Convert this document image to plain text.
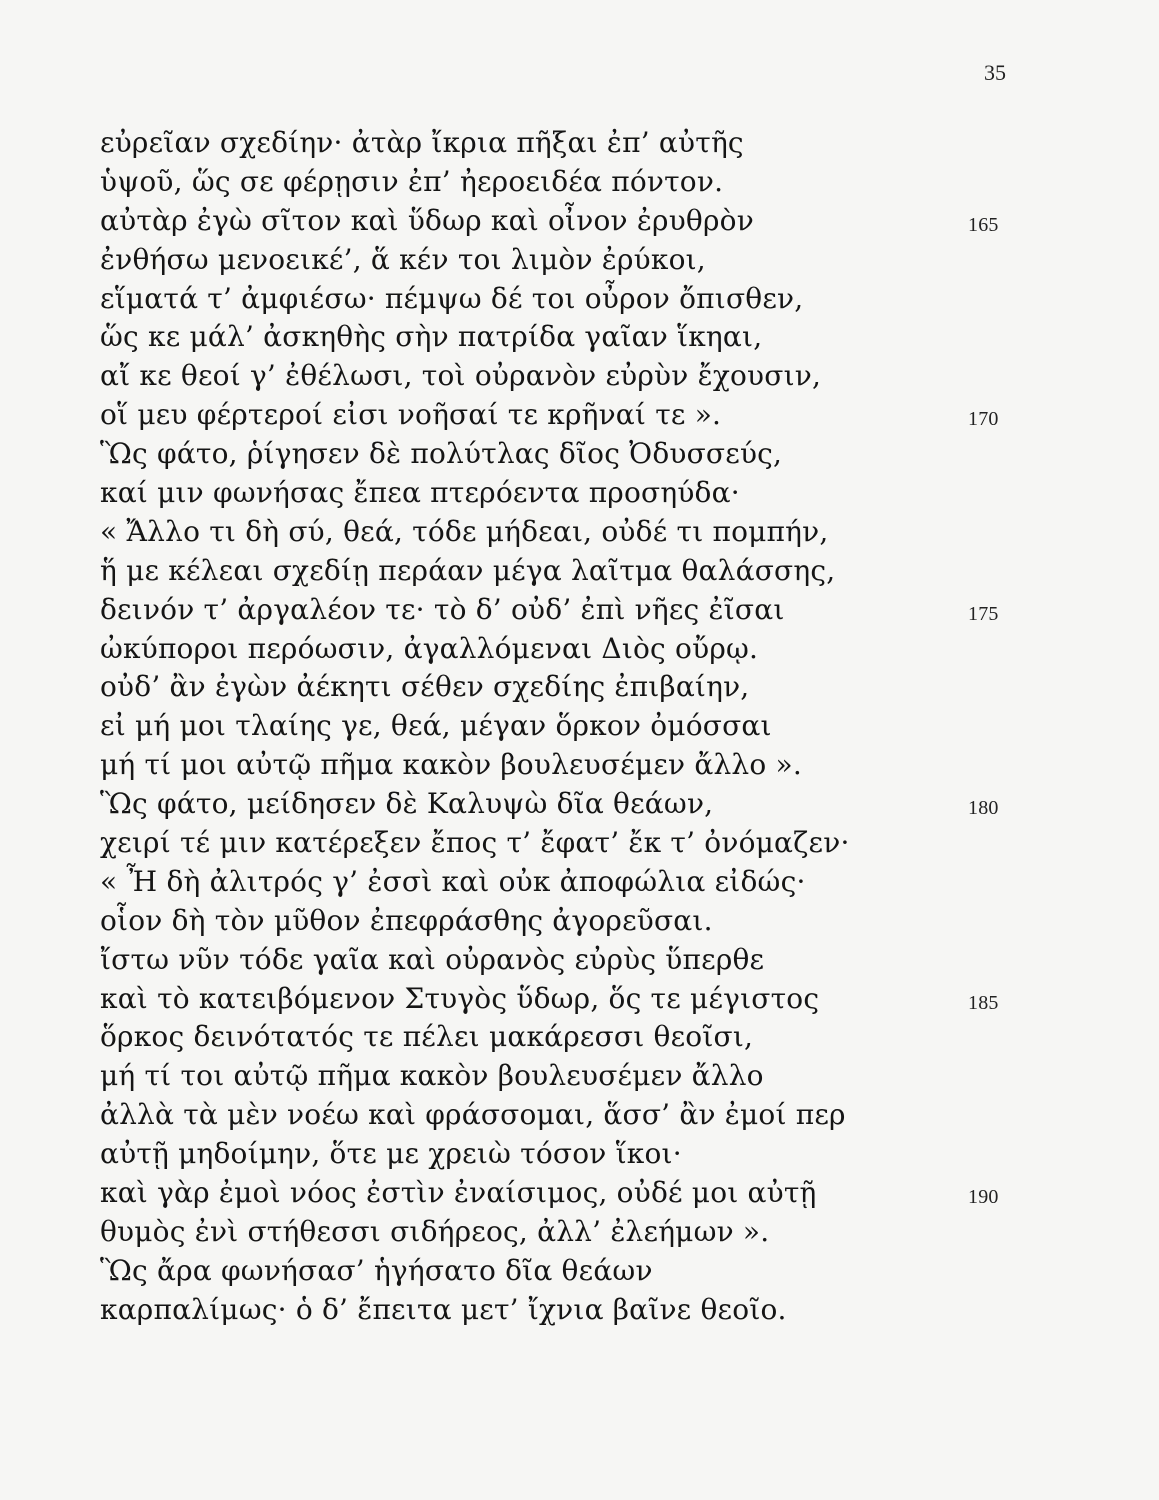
35
εὐρεῖαν σχεδίην· ἀτὰρ ἴκρια πῆξαι ἐπ’ αὐτῆς
ὑψοῦ, ὥς σε φέρῃσιν ἐπ’ ἠεροειδέα πόντον.
αὐτὰρ ἐγὼ σῖτον καὶ ὕδωρ καὶ οἶνον ἐρυθρὸν	165
ἐνθήσω μενοεικέ’, ἅ κέν τοι λιμὸν ἐρύκοι,
εἵματά τ’ ἀμφιέσω· πέμψω δέ τοι οὖρον ὄπισθεν,
ὥς κε μάλ’ ἀσκηθὴς σὴν πατρίδα γαῖαν ἵκηαι,
αἴ κε θεοί γ’ ἐθέλωσι, τοὶ οὐρανὸν εὐρὺν ἔχουσιν,
οἵ μευ φέρτεροί εἰσι νοῆσαί τε κρῆναί τε ».	170
Ὣς φάτο, ῥίγησεν δὲ πολύτλας δῖος Ὀδυσσεύς,
καί μιν φωνήσας ἔπεα πτερόεντα προσηύδα·
« Ἄλλο τι δὴ σύ, θεά, τόδε μήδεαι, οὐδέ τι πομπήν,
ἥ με κέλεαι σχεδίῃ περάαν μέγα λαῖτμα θαλάσσης,
δεινόν τ’ ἀργαλέον τε· τὸ δ’ οὐδ’ ἐπὶ νῆες ἐῖσαι	175
ὠκύποροι περόωσιν, ἀγαλλόμεναι Διὸς οὔρῳ.
οὐδ’ ἂν ἐγὼν ἀέκητι σέθεν σχεδίης ἐπιβαίην,
εἰ μή μοι τλαίης γε, θεά, μέγαν ὅρκον ὀμόσσαι
μή τί μοι αὐτῷ πῆμα κακὸν βουλευσέμεν ἄλλο ».
Ὣς φάτο, μείδησεν δὲ Καλυψὼ δῖα θεάων,	180
χειρί τέ μιν κατέρεξεν ἔπος τ’ ἔφατ’ ἔκ τ’ ὀνόμαζεν·
« Ἦ δὴ ἀλιτρός γ’ ἐσσὶ καὶ οὐκ ἀποφώλια εἰδώς·
οἷον δὴ τὸν μῦθον ἐπεφράσθης ἀγορεῦσαι.
ἴστω νῦν τόδε γαῖα καὶ οὐρανὸς εὐρὺς ὕπερθε
καὶ τὸ κατειβόμενον Στυγὸς ὕδωρ, ὅς τε μέγιστος	185
ὅρκος δεινότατός τε πέλει μακάρεσσι θεοῖσι,
μή τί τοι αὐτῷ πῆμα κακὸν βουλευσέμεν ἄλλο
ἀλλὰ τὰ μὲν νοέω καὶ φράσσομαι, ἅσσ’ ἂν ἐμοί περ
αὐτῇ μηδοίμην, ὅτε με χρειὼ τόσον ἵκοι·
καὶ γὰρ ἐμοὶ νόος ἐστὶν ἐναίσιμος, οὐδέ μοι αὐτῇ	190
θυμὸς ἐνὶ στήθεσσι σιδήρεος, ἀλλ’ ἐλεήμων ».
Ὣς ἄρα φωνήσασ’ ἡγήσατο δῖα θεάων
καρπαλίμως· ὁ δ’ ἔπειτα μετ’ ἴχνια βαῖνε θεοῖο.
